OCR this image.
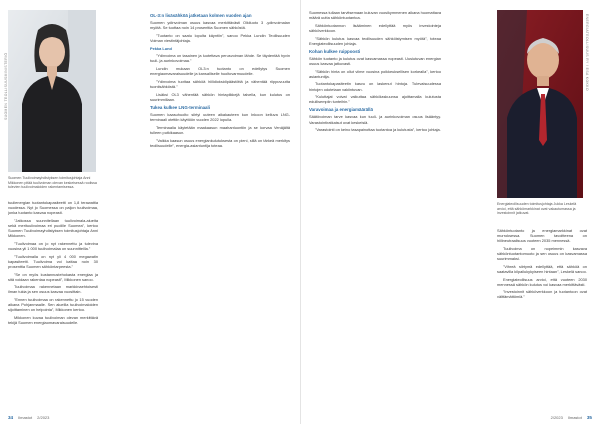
SUOMEN TEOLLISUUSMINISTERIÖ
Suomen Tuulivoimayhdistyksen toimitusjohtaja Anni Mikkonen pitää tuulivoiman olevan keskeisessä roolissa tulevien tuulivoimaloiden rakentamisessa.

tuulienergian tuotantokapasiteetti on 1,8 terawattia vuodessa. Nyt jo Suomessa on paljon tuulivoimaa, jonka tuotanto kasvaa nopeasti.

"Jatkossa suunnitellaan tuulivoimala-alueita sekä merituulivoimaa eri puolille Suomea", kertoo Suomen Tuulivoimayhdistyksen toimitusjohtaja Anni Mikkonen.

"Tuulivoimaa on jo nyt rakennettu ja tulevina vuosina yli 1 000 tuulivoimalaa on suunnitteilla."

"Tuulivoimalla on nyt yli 4 000 megawatin kapasiteetti. Tuulivoima voi kattaa noin 30 prosenttia Suomen sähköntarpeesta."

"Se on myös kustannustehokasta energiaa ja sitä voidaan rakentaa nopeasti", Mikkonen sanoo.

Tuulivoimaa rakennetaan markkinaehtoisesti ilman tukia ja sen osuus kasvaa vuosittain.

"Ennen tuulivoimaa on rakennettu jo 15 vuoden aikana Pohjanmaalle. Sen alueilla tuulivoimaloiden sijoittaminen on helpointa", Mikkonen kertoo.

Mikkonen kuvaa tuulivoiman olevan merkittävä tekijä Suomen energiaomavaraisuudelle.

OL-3:n lisäsähköä jatketaan kolmen vuoden ajan

Suomen ydinvoiman osuus kasvaa merkittävästi Olkiluoto 3 -ydinvoimalan myötä. Se tuottaa noin 14 prosenttia Suomen sähköstä.

"Tuotanto on saatu lopulta käyntiin", sanoo Pekka Lundin Teollisuuden Voiman viestintäjohtaja.

Pekka Lund

"Ydinvoima on tasainen ja luotettava perusvoiman lähde. Se täydentää hyvin tuuli- ja aurinkovoimaa."

Lundin mukaan OL3:n tuotanto on edellytys Suomen energiaomavaraisuudelle ja kansalliselle huoltovarmuudelle.

"Ydinvoima tuottaa sähköä hiilidioksidipäästöttä ja vähentää riippuvuutta tuontisähköstä."

Lisäksi OL3 vähentää sähkön hintapiikkejä talvella, kun kulutus on suurimmillaan.

Tukea kulkee LNG-terminaali

Suomen kaasuhuolto siirtyi uuteen aikakauteen kun Inkoon kelluva LNG-terminaali otettiin käyttöön vuoden 2022 lopulla.

Terminaalia käytetään maakaasun maahantuontiin ja se korvaa Venäjältä tulleen putkikaasun.

"Vaikka kaasun osuus energiankulutuksesta on pieni, sillä on tärkeä merkitys teollisuudelle", energia-asiantuntija toteaa.

34 Ilmastot 2/2023

Suomessa tullaan tarvitsemaan kuluvan vuosikymmenen aikana huomattava määrä uutta sähköntuotantoa.

Sähköntuotannon lisääminen edellyttää myös investointeja sähköverkkoon.

"Sähkön kulutus kasvaa teollisuuden sähköistymisen myötä", toteaa Energiateollisuuden johtaja.

Kohan kulkee ruippoosti

Sähkön tuotanto ja kulutus ovat kasvamassa nopeasti. Uusiutuvan energian osuus kasvaa jatkuvasti.

"Sähkön hinta on ollut viime vuosina poikkeuksellisen korkealla", kertoo asiantuntija.

Tuotantokapasiteetin kasvu on laskenut hintoja. Tulevaisuudessa hintojen odotetaan vakiintuvan.

"Kuluttajat voivat vaikuttaa sähkölaskuunsa ajoittamalla kulutusta edullisempiin tunteihin."

Varavoimaa ja energiamäärällä

Säätövoiman tarve kasvaa kun tuuli- ja aurinkovoiman osuus lisääntyy. Varastointiratkaisut ovat keskeisiä.

"Varastointi on keino tasapainottaa tuotantoa ja kulutusta", kertoo johtaja.

ENERGIATEOLLISUUS RY / ESA KOKKO
Energiateollisuuden toimitusjohtaja Jukka Leskelä arvioi, että sähkömarkkinat ovat vakautumassa ja investoinnit jatkuvat.

Sähköntuotanto ja energiamarkkinat ovat murroksessa. Suomen tavoitteena on hiilineutraalisuus vuoteen 2035 mennessä.

Tuulivoima on nopeimmin kasvava sähköntuotantomuoto ja sen osuus on kasvamassa suurimmaksi.

"Vihreä siirtymä edellyttää, että sähköä on saatavilla kilpailukykyiseen hintaan", Leskelä sanoo.

Energiateollisuus arvioi, että vuoteen 2030 mennessä sähkön kulutus voi kasvaa merkittävästi.

"Investoinnit sähköverkkoon ja tuotantoon ovat välttämättömiä."

2/2023 Ilmastot 35
